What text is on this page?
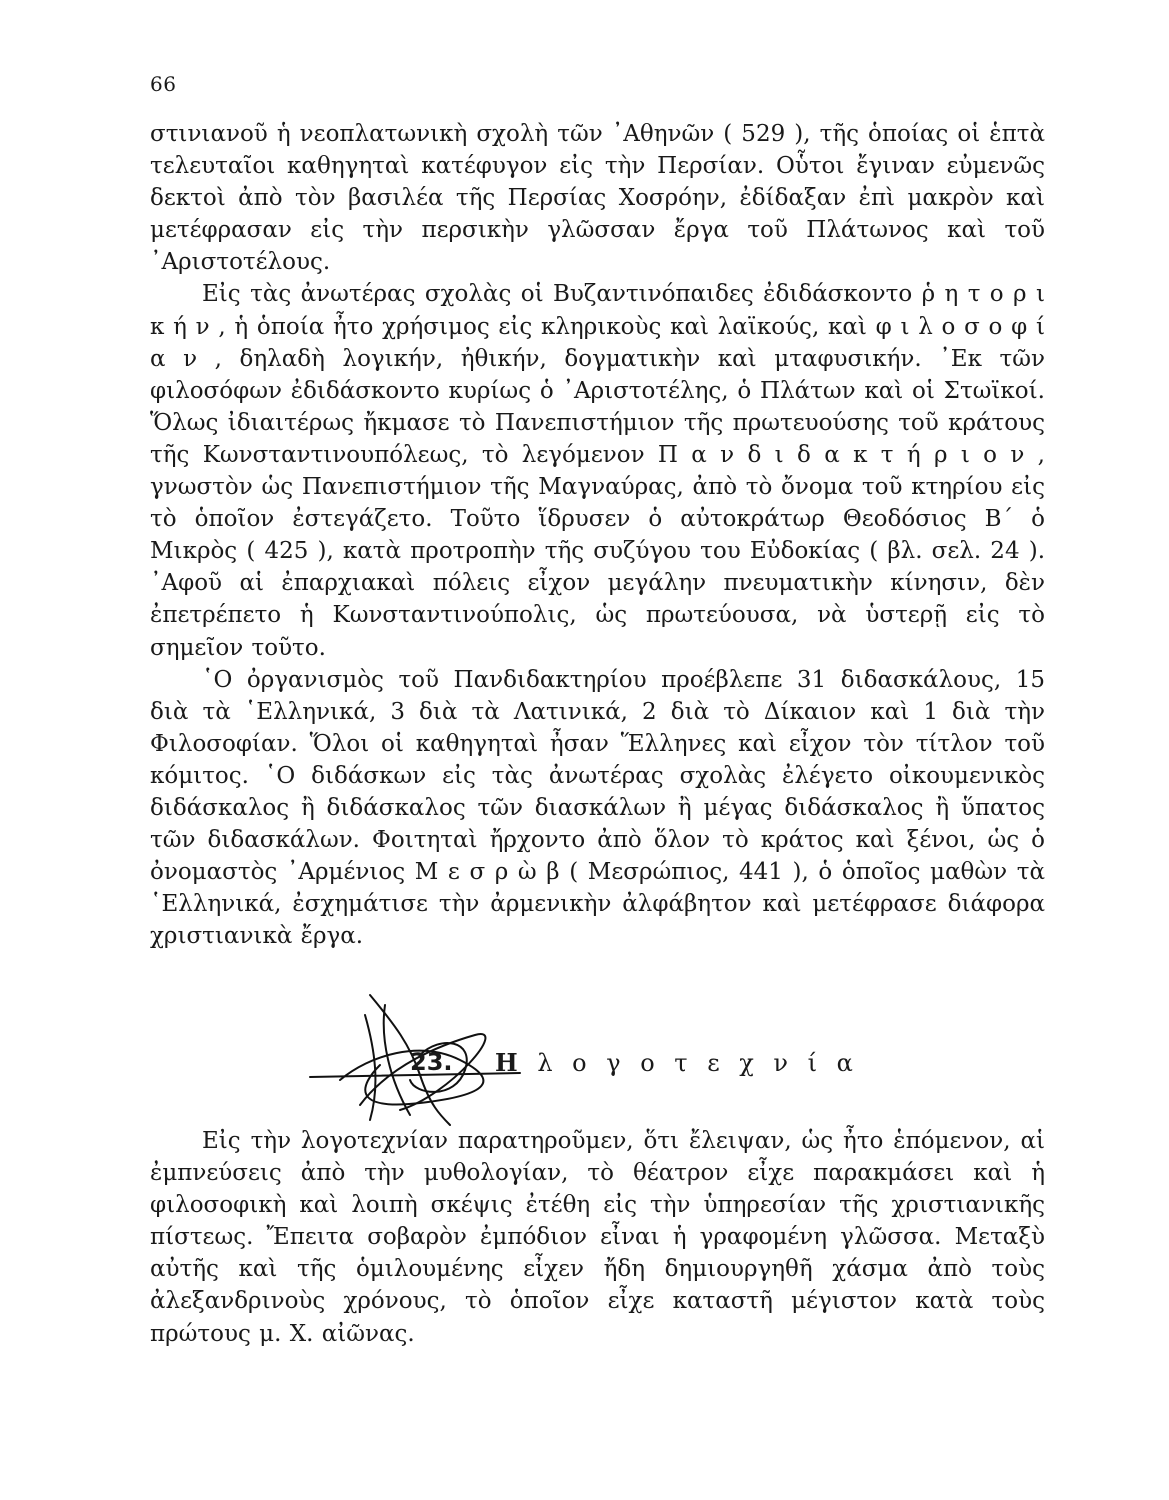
66

στινιανοῦ ἡ νεοπλατωνικὴ σχολὴ τῶν ᾿Αθηνῶν ( 529 ), τῆς ὁποίας οἱ ἑπτὰ τελευταῖοι καθηγηταὶ κατέφυγον εἰς τὴν Περσίαν. Οὗτοι ἔγιναν εὐμενῶς δεκτοὶ ἀπὸ τὸν βασιλέα τῆς Περσίας Χοσρόην, ἐδίδαξαν ἐπὶ μακρὸν καὶ μετέφρασαν εἰς τὴν περσικὴν γλῶσσαν ἔργα τοῦ Πλάτωνος καὶ τοῦ ᾿Αριστοτέλους.

Εἰς τὰς ἀνωτέρας σχολὰς οἱ Βυζαντινόπαιδες ἐδιδάσκοντο ῥ η τ ο ρ ι κ ή ν , ἡ ὁποία ἦτο χρήσιμος εἰς κληρικοὺς καὶ λαϊκούς, καὶ φ ι λ ο σ ο φ ί α ν , δηλαδὴ λογικήν, ἠθικήν, δογματικὴν καὶ μταφυσικήν. ᾿Εκ τῶν φιλοσόφων ἐδιδάσκοντο κυρίως ὁ ᾿Αριστοτέλης, ὁ Πλάτων καὶ οἱ Στωϊκοί. Ὅλως ἰδιαιτέρως ἤκμασε τὸ Πανεπιστήμιον τῆς πρωτευούσης τοῦ κράτους τῆς Κωνσταντινουπόλεως, τὸ λεγόμενον Π α ν δ ι δ α κ τ ή ρ ι ο ν , γνωστὸν ὡς Πανεπιστήμιον τῆς Μαγναύρας, ἀπὸ τὸ ὄνομα τοῦ κτηρίου εἰς τὸ ὁποῖον ἐστεγάζετο. Τοῦτο ἵδρυσεν ὁ αὐτοκράτωρ Θεοδόσιος Β΄ ὁ Μικρὸς ( 425 ), κατὰ προτροπὴν τῆς συζύγου του Εὐδοκίας ( βλ. σελ. 24 ). ᾿Αφοῦ αἱ ἐπαρχιακαὶ πόλεις εἶχον μεγάλην πνευματικὴν κίνησιν, δὲν ἐπετρέπετο ἡ Κωνσταντινούπολις, ὡς πρωτεύουσα, νὰ ὑστερῇ εἰς τὸ σημεῖον τοῦτο.

῾Ο ὀργανισμὸς τοῦ Πανδιδακτηρίου προέβλεπε 31 διδασκάλους, 15 διὰ τὰ ῾Ελληνικά, 3 διὰ τὰ Λατινικά, 2 διὰ τὸ Δίκαιον καὶ 1 διὰ τὴν Φιλοσοφίαν. Ὅλοι οἱ καθηγηταὶ ἦσαν Ἕλληνες καὶ εἶχον τὸν τίτλον τοῦ κόμιτος. ῾Ο διδάσκων εἰς τὰς ἀνωτέρας σχολὰς ἐλέγετο οἰκουμενικὸς διδάσκαλος ἢ διδάσκαλος τῶν διασκάλων ἢ μέγας διδάσκαλος ἢ ὕπατος τῶν διδασκάλων. Φοιτηταὶ ἤρχοντο ἀπὸ ὅλον τὸ κράτος καὶ ξένοι, ὡς ὁ ὀνομαστὸς ᾿Αρμένιος Μ ε σ ρ ὼ β ( Μεσρώπιος, 441 ), ὁ ὁποῖος μαθὼν τὰ ῾Ελληνικά, ἐσχημάτισε τὴν ἀρμενικὴν ἀλφάβητον καὶ μετέφρασε διάφορα χριστιανικὰ ἔργα.

23. Η λ ο γ ο τ ε χ ν ί α

Εἰς τὴν λογοτεχνίαν παρατηροῦμεν, ὅτι ἔλειψαν, ὡς ἦτο ἑπόμενον, αἱ ἐμπνεύσεις ἀπὸ τὴν μυθολογίαν, τὸ θέατρον εἶχε παρακμάσει καὶ ἡ φιλοσοφικὴ καὶ λοιπὴ σκέψις ἐτέθη εἰς τὴν ὑπηρεσίαν τῆς χριστιανικῆς πίστεως. Ἔπειτα σοβαρὸν ἐμπόδιον εἶναι ἡ γραφομένη γλῶσσα. Μεταξὺ αὐτῆς καὶ τῆς ὁμιλουμένης εἶχεν ἤδη δημιουργηθῆ χάσμα ἀπὸ τοὺς ἀλεξανδρινοὺς χρόνους, τὸ ὁποῖον εἶχε καταστῆ μέγιστον κατὰ τοὺς πρώτους μ. Χ. αἰῶνας.
